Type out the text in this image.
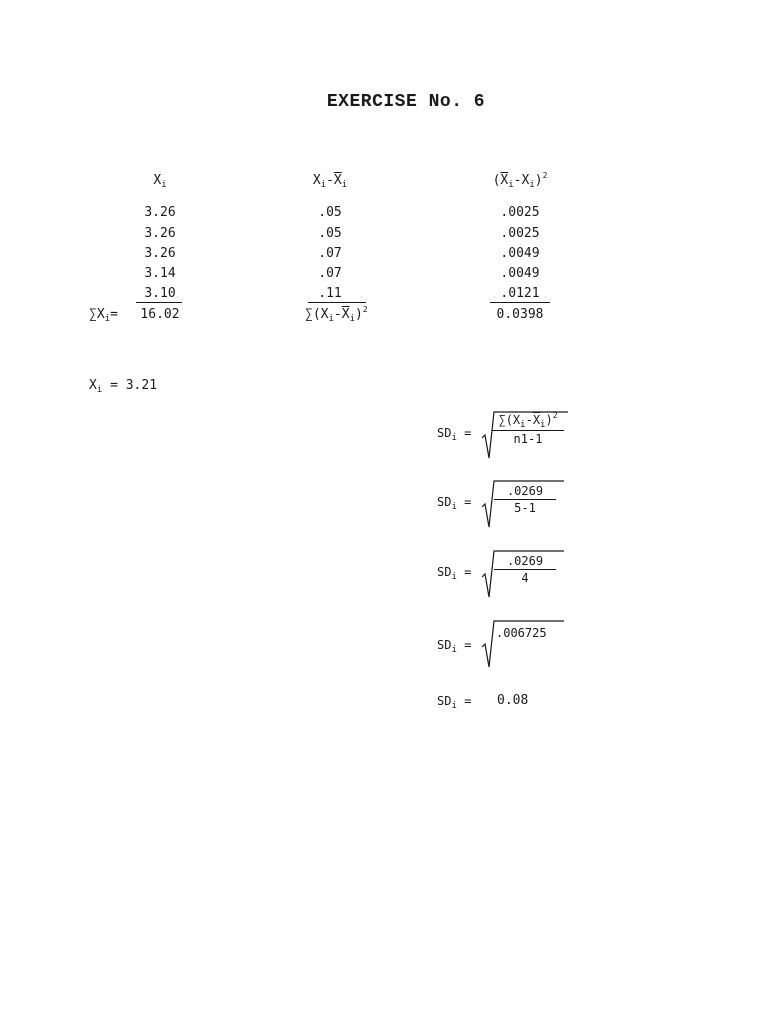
EXERCISE No. 6
$X_i$	$X_i-\overline{X}_i$	$(\overline{X}_i-X_i)^2$
3.26	.05	.0025
3.26	.05	.0025
3.26	.07	.0049
3.14	.07	.0049
3.10	.11	.0121
$\sum X_i=$	16.02	$\sum(X_i-\overline{X}_i)^2$	0.0398
$X_i = 3.21$
$SD_i = \frac{\sum(X_i-\overline{X}_i)^2}{n1-1}$
$SD_i = \frac{.0269}{5-1}$
$SD_i = \frac{.0269}{4}$
$SD_i$ =
.006725
$SD_i = 0.08$
